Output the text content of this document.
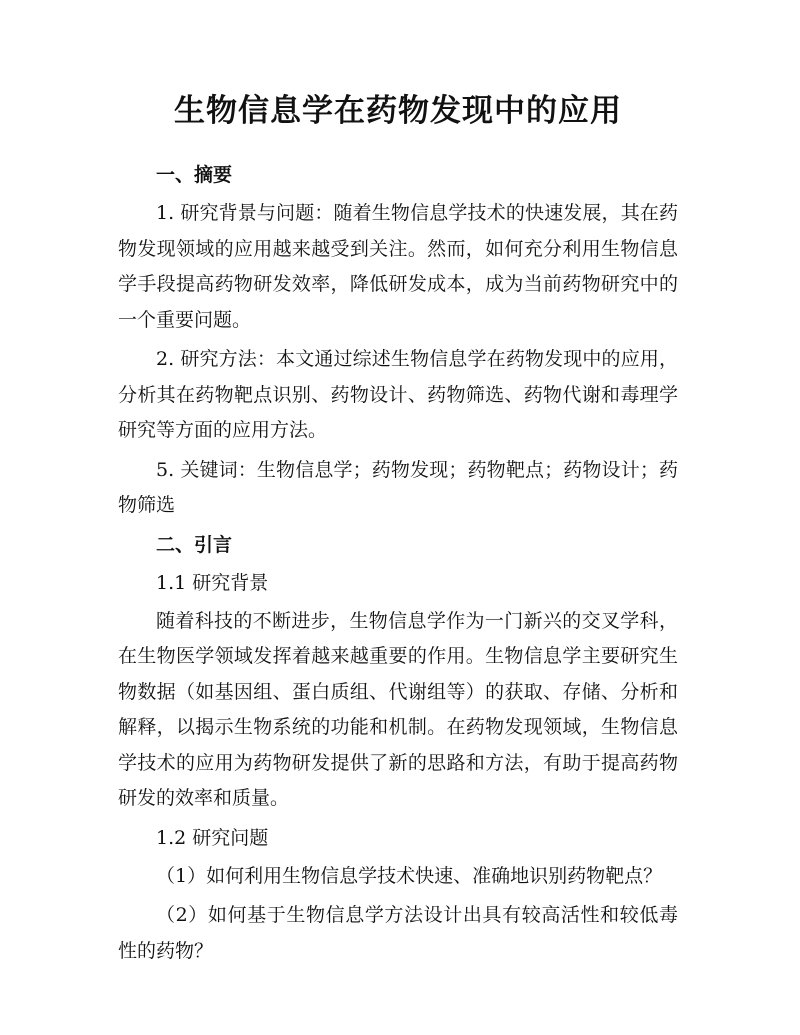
生物信息学在药物发现中的应用
一、摘要

1. 研究背景与问题：随着生物信息学技术的快速发展，其在药物发现领域的应用越来越受到关注。然而，如何充分利用生物信息学手段提高药物研发效率，降低研发成本，成为当前药物研究中的一个重要问题。

2. 研究方法：本文通过综述生物信息学在药物发现中的应用，分析其在药物靶点识别、药物设计、药物筛选、药物代谢和毒理学研究等方面的应用方法。

5. 关键词：生物信息学；药物发现；药物靶点；药物设计；药物筛选

二、引言
1.1 研究背景

随着科技的不断进步，生物信息学作为一门新兴的交叉学科，在生物医学领域发挥着越来越重要的作用。生物信息学主要研究生物数据（如基因组、蛋白质组、代谢组等）的获取、存储、分析和解释，以揭示生物系统的功能和机制。在药物发现领域，生物信息学技术的应用为药物研发提供了新的思路和方法，有助于提高药物研发的效率和质量。

1.2 研究问题

（1）如何利用生物信息学技术快速、准确地识别药物靶点？

（2）如何基于生物信息学方法设计出具有较高活性和较低毒性的药物？
